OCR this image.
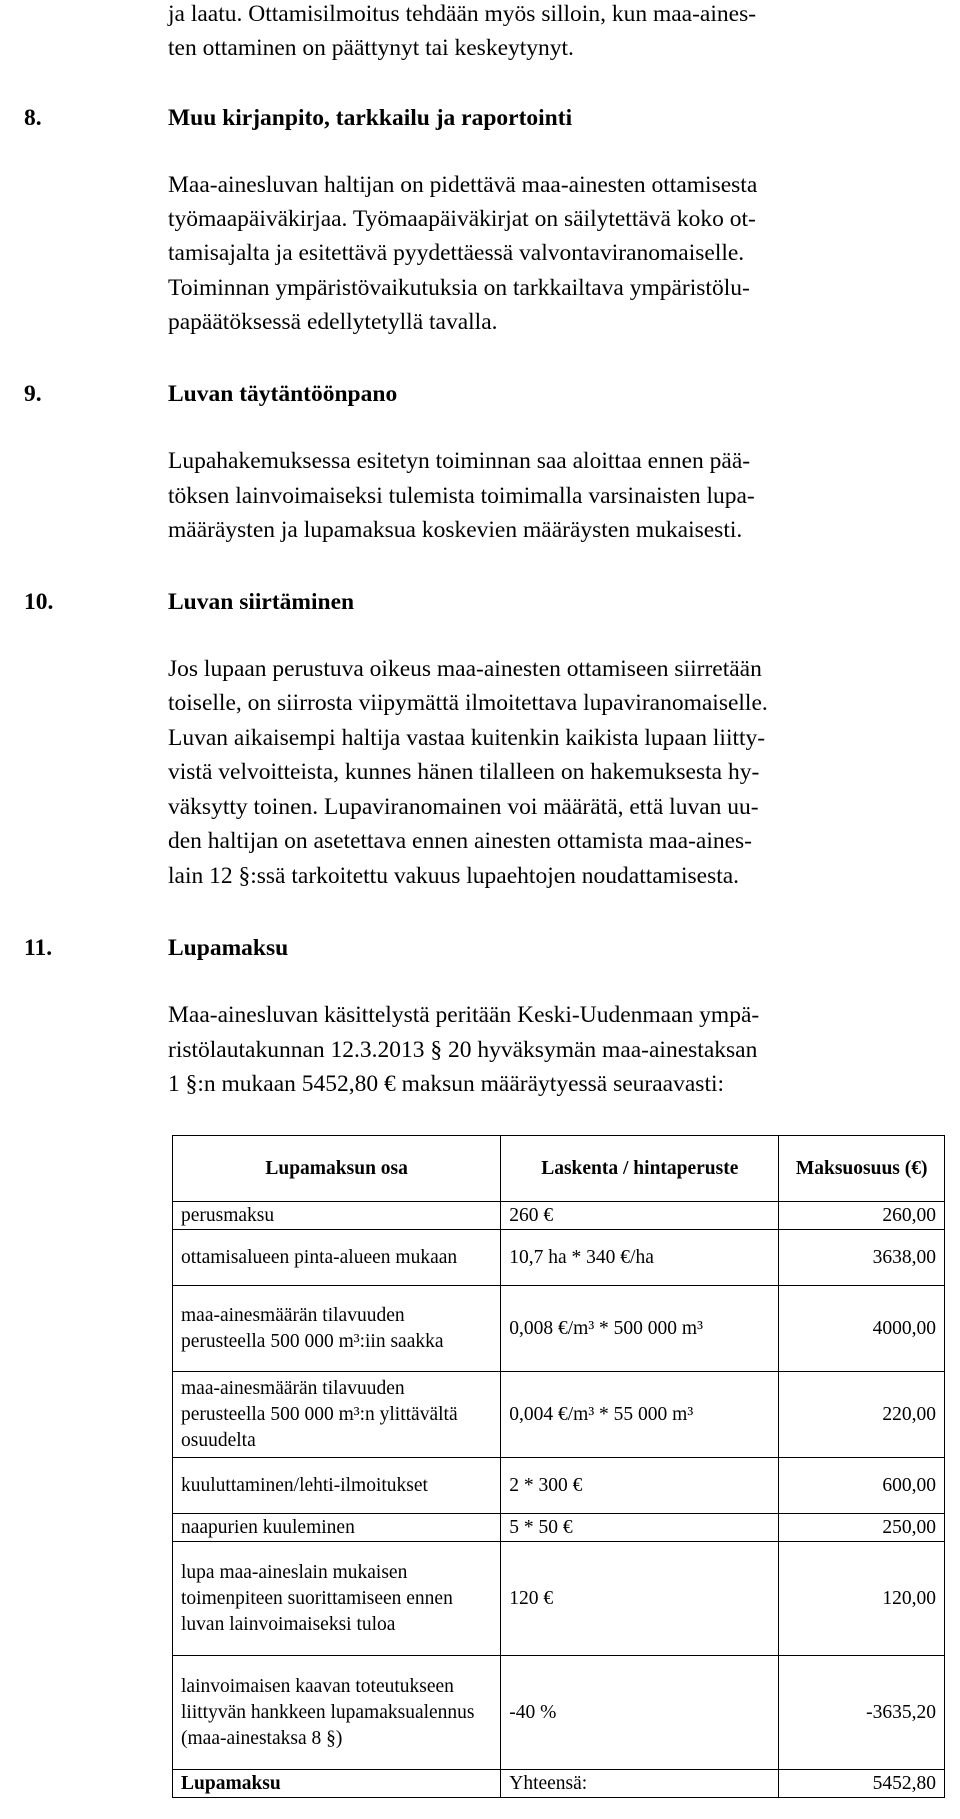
ja laatu. Ottamisilmoitus tehdään myös silloin, kun maa-aines-
ten ottaminen on päättynyt tai keskeytynyt.
8.	Muu kirjanpito, tarkkailu ja raportointi
Maa-ainesluvan haltijan on pidettävä maa-ainesten ottamisesta
työmaapäiväkirjaa. Työmaapäiväkirjat on säilytettävä koko ot-
tamisajalta ja esitettävä pyydettäessä valvontaviranomaiselle.
Toiminnan ympäristövaikutuksia on tarkkailtava ympäristölu-
papäätöksessä edellytetyllä tavalla.
9.	Luvan täytäntöönpano
Lupahakemuksessa esitetyn toiminnan saa aloittaa ennen pää-
töksen lainvoimaiseksi tulemista toimimalla varsinaisten lupa-
määräysten ja lupamaksua koskevien määräysten mukaisesti.
10.	Luvan siirtäminen
Jos lupaan perustuva oikeus maa-ainesten ottamiseen siirretään
toiselle, on siirrosta viipymättä ilmoitettava lupaviranomaiselle.
Luvan aikaisempi haltija vastaa kuitenkin kaikista lupaan liitty-
vistä velvoitteista, kunnes hänen tilalleen on hakemuksesta hy-
väksytty toinen. Lupaviranomainen voi määrätä, että luvan uu-
den haltijan on asetettava ennen ainesten ottamista maa-aines-
lain 12 §:ssä tarkoitettu vakuus lupaehtojen noudattamisesta.
11.	Lupamaksu
Maa-ainesluvan käsittelystä peritään Keski-Uudenmaan ympä-
ristölautakunnan 12.3.2013 § 20 hyväksymän maa-ainestaksan
1 §:n mukaan 5452,80 € maksun määräytyessä seuraavasti:
Lupamaksun osa	Laskenta / hintaperuste	Maksuosuus (€)
perusmaksu	260 €	260,00
ottamisalueen pinta-alueen mukaan	10,7 ha * 340 €/ha	3638,00
maa-ainesmäärän tilavuuden perusteella 500 000 m³:iin saakka	0,008 €/m³ * 500 000 m³	4000,00
maa-ainesmäärän tilavuuden perusteella 500 000 m³:n ylittävältä osuudelta	0,004 €/m³ * 55 000 m³	220,00
kuuluttaminen/lehti-ilmoitukset	2 * 300 €	600,00
naapurien kuuleminen	5 * 50 €	250,00
lupa maa-aineslain mukaisen toimenpiteen suorittamiseen ennen luvan lainvoimaiseksi tuloa	120 €	120,00
lainvoimaisen kaavan toteutukseen liittyvän hankkeen lupamaksualennus (maa-ainestaksa 8 §)	-40 %	-3635,20
Lupamaksu	Yhteensä:	5452,80
